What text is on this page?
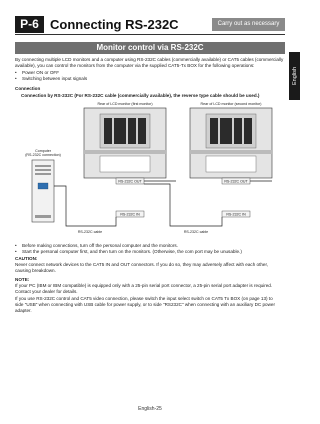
P-6 Connecting RS-232C	Carry out as necessary
English
Monitor control via RS-232C
By connecting multiple LCD monitors and a computer using RS-232C cables (commercially available) or CAT5 cables (commercially
available), you can control the monitors from the computer via the supplied CAT5-Tx BOX for the following operations:
Power ON or OFF
Switching between input signals
Connection
Connection by RS-232C (For RS-232C cable (commercially available), the reverse type cable should be used.)
Computer
(RS-232C connection)
Rear of LCD monitor (first monitor)	Rear of LCD monitor (second monitor)
RS-232C OUT
RS-232C IN
RS-232C OUT
RS-232C IN
RS-232C cable	RS-232C cable
Before making connections, turn off the personal computer and the monitors.
Start the personal computer first, and then turn on the monitors. (Otherwise, the com port may be unusable.)
CAUTION:
Never connect network devices to the CAT5 IN and OUT connectors. If you do so, they may adversely affect with each other,
causing breakdown.
NOTE:
If your PC (IBM or IBM compatible) is equipped only with a 25-pin serial port connector, a 25-pin serial port adapter is required.
Contact your dealer for details.
If you use RS-232C control and CAT5 video connection, please switch the input select switch on CAT5 Tx BOX (on page 13) to
side "USB" when connecting with USB cable for power supply, or to side "RS232C" when connecting with an auxiliary DC power
adapter.
English-25
